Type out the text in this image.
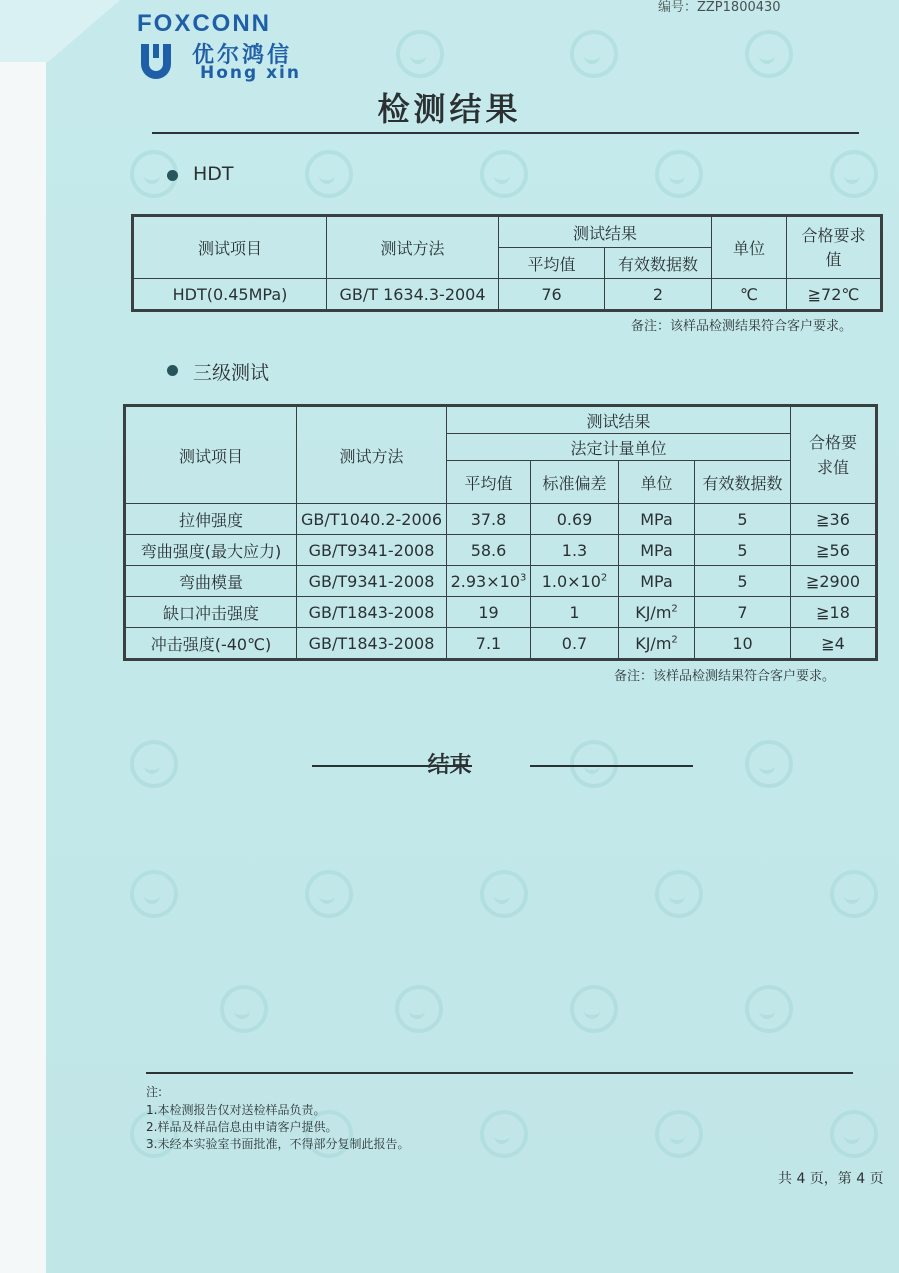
编号：ZZP1800430
FOXCONN
优尔鸿信
Hong xin
检测结果
HDT
测试项目	测试方法	测试结果		单位	合格要求值
		平均值	有效数据数		
HDT(0.45MPa)	GB/T 1634.3-2004	76	2	℃	≧72℃
备注：该样品检测结果符合客户要求。
三级测试
测试项目	测试方法	测试结果				合格要求值
		法定计量单位				
		平均值	标准偏差	单位	有效数据数	
拉伸强度	GB/T1040.2-2006	37.8	0.69	MPa	5	≧36
弯曲强度(最大应力)	GB/T9341-2008	58.6	1.3	MPa	5	≧56
弯曲模量	GB/T9341-2008	$2.93\times 10^3$	$1.0\times 10^2$	MPa	5	≧2900
缺口冲击强度	GB/T1843-2008	19	1	$KJ/m^2$	7	≧18
冲击强度(-40℃)	GB/T1843-2008	7.1	0.7	$KJ/m^2$	10	≧4
备注：该样品检测结果符合客户要求。
结束
注:
1.本检测报告仅对送检样品负责。
2.样品及样品信息由申请客户提供。
3.未经本实验室书面批准，不得部分复制此报告。
共 4 页，第 4 页
